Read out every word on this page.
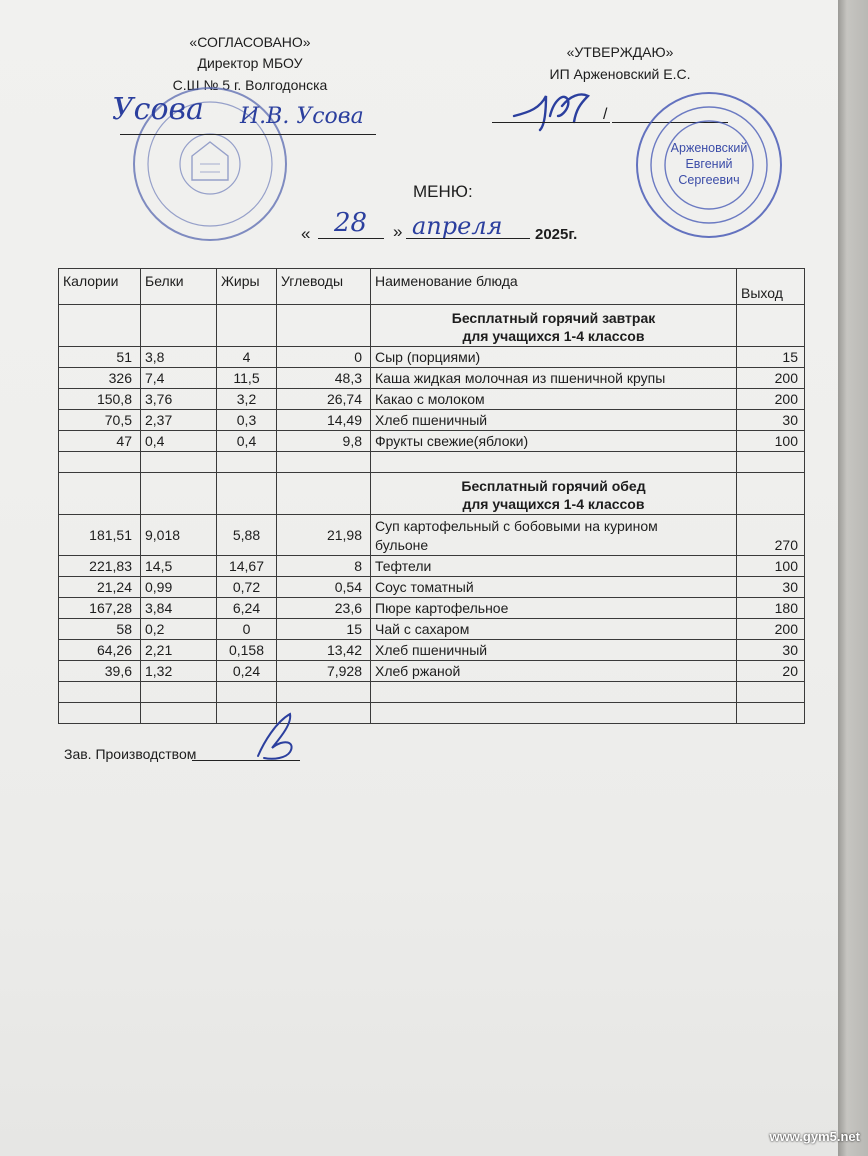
«СОГЛАСОВАНО»
Директор МБОУ
С.Ш № 5 г. Волгодонска
Усова И.В. Усова
«УТВЕРЖДАЮ»
ИП Арженовский Е.С.
/
Арженовский Евгений Сергеевич
МЕНЮ:
« 28 » апреля 2025г.
Калории	Белки	Жиры	Углеводы	Наименование блюда	Выход
				Бесплатный горячий завтрак
для учащихся 1-4 классов	
51	3,8	4	0	Сыр (порциями)	15
326	7,4	11,5	48,3	Каша жидкая молочная из пшеничной крупы	200
150,8	3,76	3,2	26,74	Какао с молоком	200
70,5	2,37	0,3	14,49	Хлеб пшеничный	30
47	0,4	0,4	9,8	Фрукты свежие(яблоки)	100

				Бесплатный горячий обед
для учащихся 1-4 классов	
181,51	9,018	5,88	21,98	Суп картофельный с бобовыми на курином
бульоне	270
221,83	14,5	14,67	8	Тефтели	100
21,24	0,99	0,72	0,54	Соус томатный	30
167,28	3,84	6,24	23,6	Пюре картофельное	180
58	0,2	0	15	Чай с сахаром	200
64,26	2,21	0,158	13,42	Хлеб пшеничный	30
39,6	1,32	0,24	7,928	Хлеб ржаной	20

Зав. Производством
www.gym5.net
